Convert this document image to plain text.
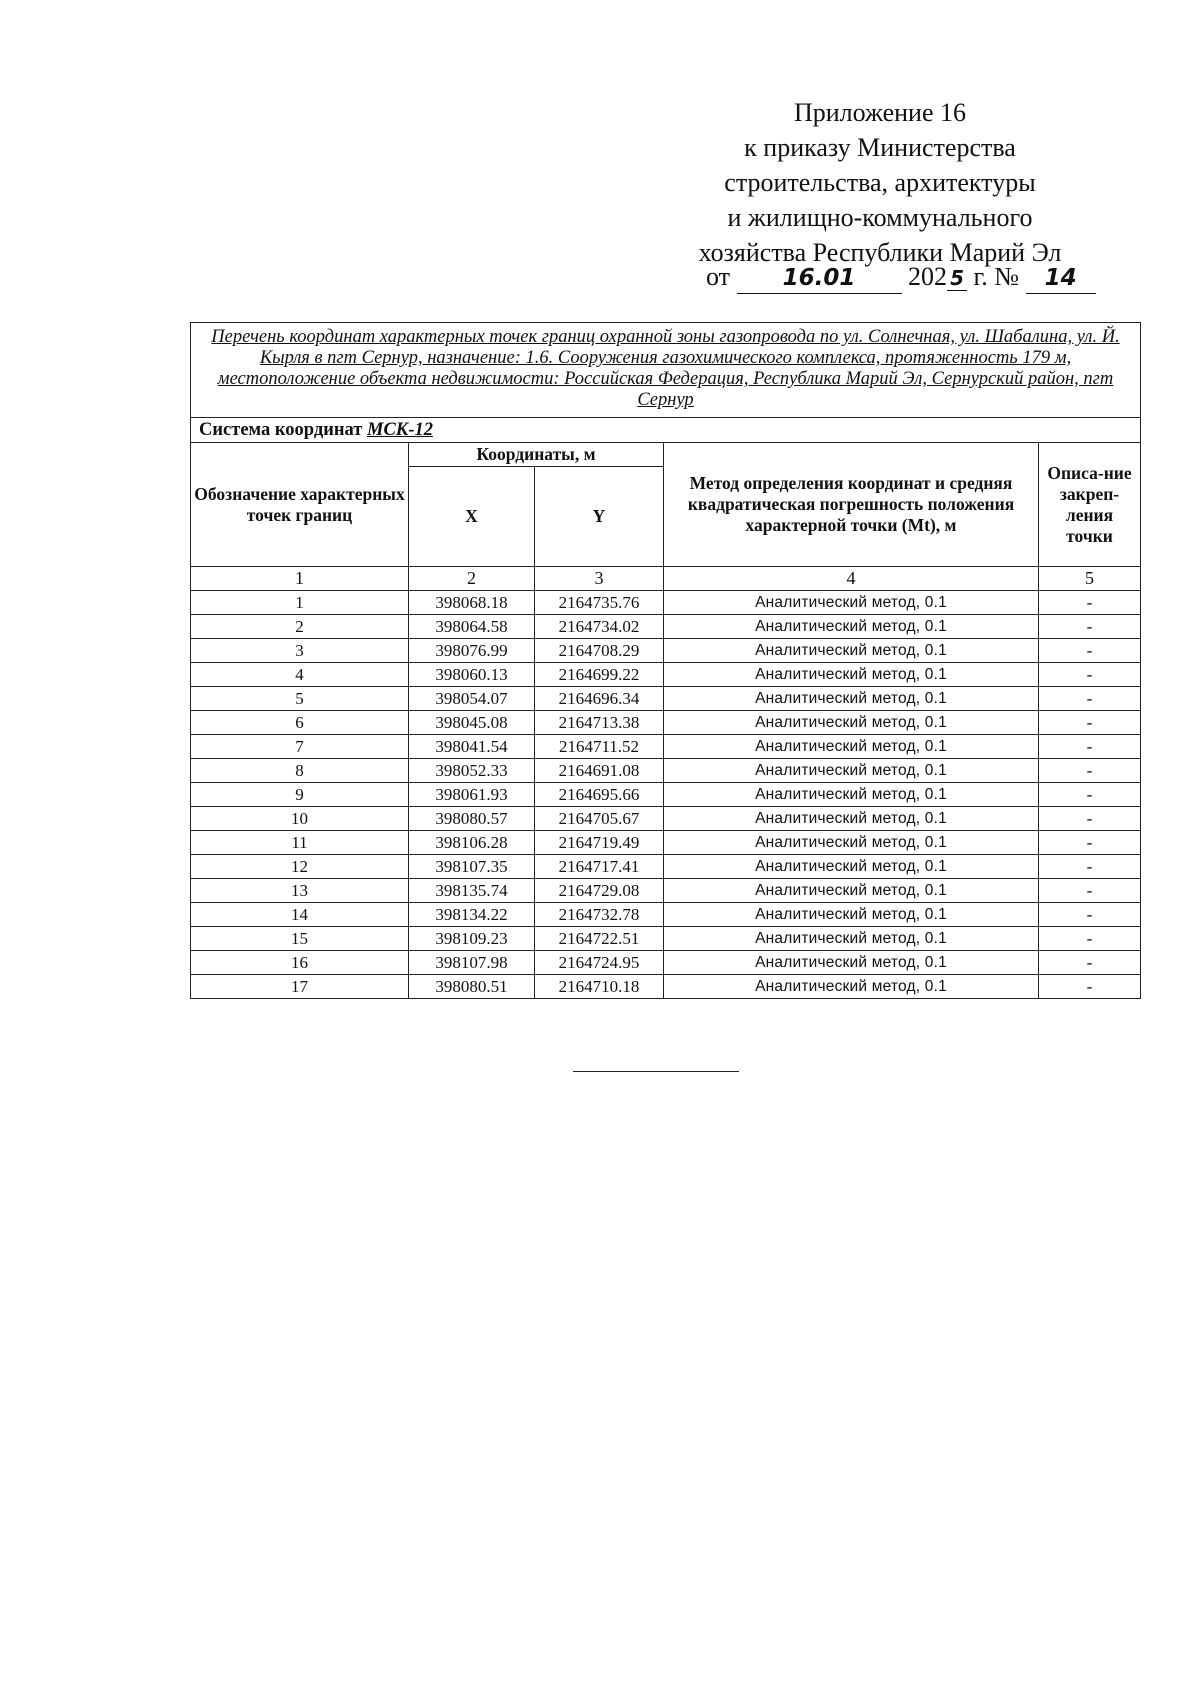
Приложение 16
к приказу Министерства
строительства, архитектуры
и жилищно-коммунального
хозяйства Республики Марий Эл
от 16.01 202 5 г. № 14
Перечень координат характерных точек границ охранной зоны газопровода по ул. Солнечная, ул. Шабалина, ул. Й. Кырля в пгт Сернур, назначение: 1.6. Сооружения газохимического комплекса, протяженность 179 м, местоположение объекта недвижимости: Российская Федерация, Республика Марий Эл, Сернурский район, пгт Сернур				
Система координат МСК-12				
Обозначение характерных точек границ	Координаты, м		Метод определения координат и средняя квадратическая погрешность положения характерной точки (Mt), м	Описа-ние закреп-ления точки
	X	Y		
1	2	3	4	5
1	398068.18	2164735.76	Аналитический метод, 0.1	-
2	398064.58	2164734.02	Аналитический метод, 0.1	-
3	398076.99	2164708.29	Аналитический метод, 0.1	-
4	398060.13	2164699.22	Аналитический метод, 0.1	-
5	398054.07	2164696.34	Аналитический метод, 0.1	-
6	398045.08	2164713.38	Аналитический метод, 0.1	-
7	398041.54	2164711.52	Аналитический метод, 0.1	-
8	398052.33	2164691.08	Аналитический метод, 0.1	-
9	398061.93	2164695.66	Аналитический метод, 0.1	-
10	398080.57	2164705.67	Аналитический метод, 0.1	-
11	398106.28	2164719.49	Аналитический метод, 0.1	-
12	398107.35	2164717.41	Аналитический метод, 0.1	-
13	398135.74	2164729.08	Аналитический метод, 0.1	-
14	398134.22	2164732.78	Аналитический метод, 0.1	-
15	398109.23	2164722.51	Аналитический метод, 0.1	-
16	398107.98	2164724.95	Аналитический метод, 0.1	-
17	398080.51	2164710.18	Аналитический метод, 0.1	-
